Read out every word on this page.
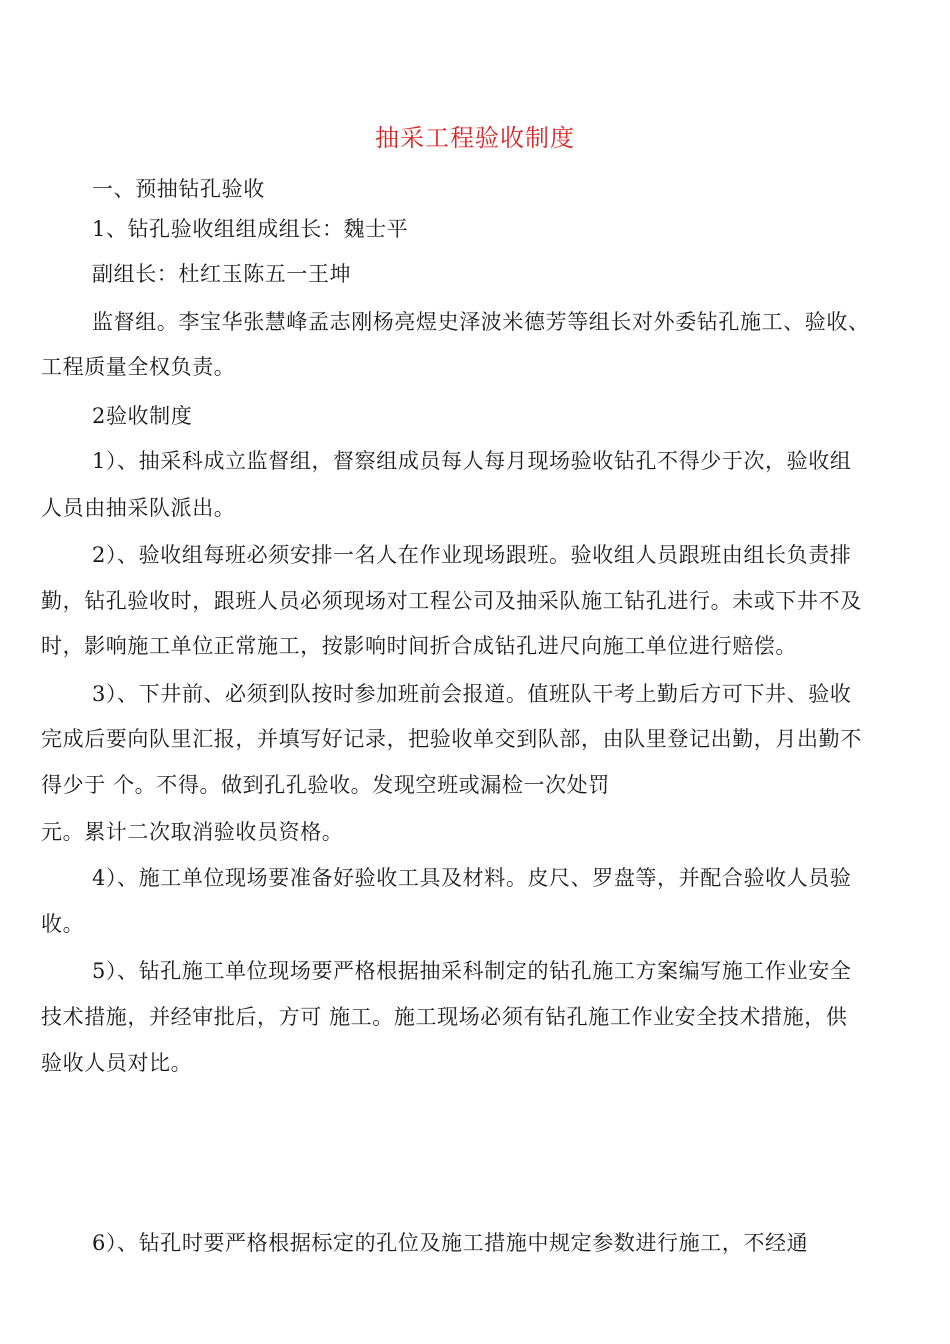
抽采工程验收制度
一、预抽钻孔验收
1、钻孔验收组组成组长：魏士平
副组长：杜红玉陈五一王坤
监督组。李宝华张慧峰孟志刚杨亮煜史泽波米德芳等组长对外委钻孔施工、验收、
工程质量全权负责。
2验收制度
1）、抽采科成立监督组，督察组成员每人每月现场验收钻孔不得少于次，验收组
人员由抽采队派出。
2）、验收组每班必须安排一名人在作业现场跟班。验收组人员跟班由组长负责排
勤，钻孔验收时，跟班人员必须现场对工程公司及抽采队施工钻孔进行。未或下井不及
时，影响施工单位正常施工，按影响时间折合成钻孔进尺向施工单位进行赔偿。
3）、下井前、必须到队按时参加班前会报道。值班队干考上勤后方可下井、验收
完成后要向队里汇报，并填写好记录，把验收单交到队部，由队里登记出勤，月出勤不
得少于 个。不得。做到孔孔验收。发现空班或漏检一次处罚
元。累计二次取消验收员资格。
4）、施工单位现场要准备好验收工具及材料。皮尺、罗盘等，并配合验收人员验
收。
5）、钻孔施工单位现场要严格根据抽采科制定的钻孔施工方案编写施工作业安全
技术措施，并经审批后，方可 施工。施工现场必须有钻孔施工作业安全技术措施，供
验收人员对比。
6）、钻孔时要严格根据标定的孔位及施工措施中规定参数进行施工，不经通
